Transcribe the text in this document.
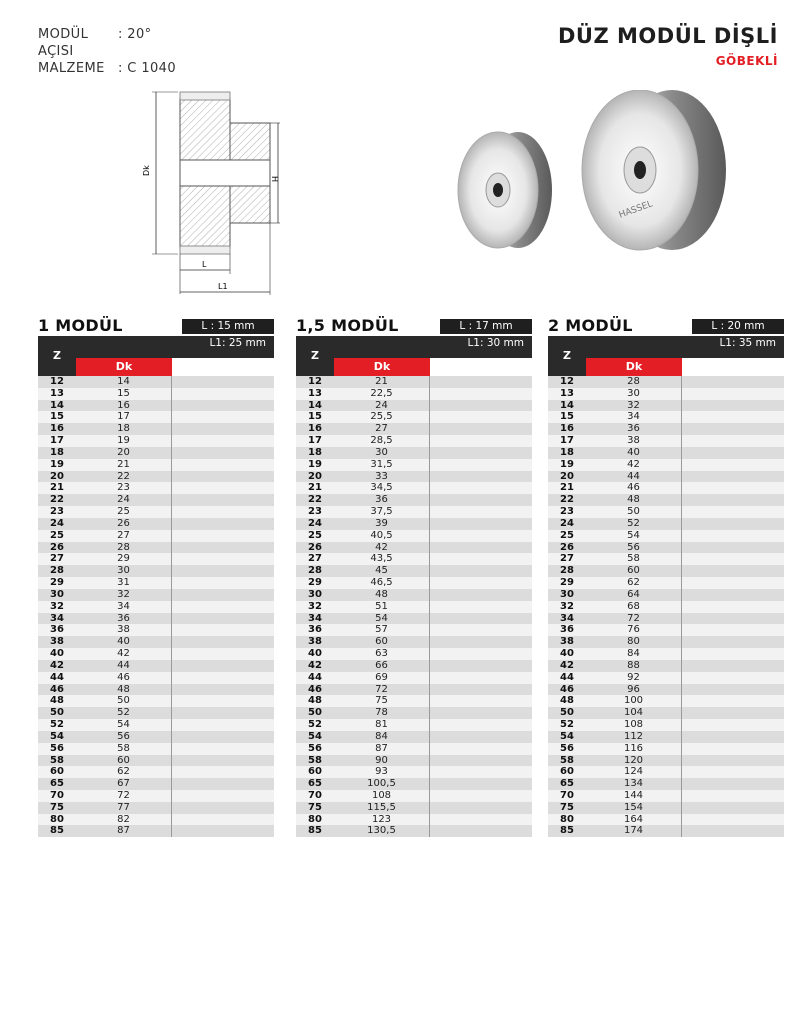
MODÜL AÇISI
: 20°
MALZEME	: C 1040
DÜZ MODÜL DİŞLİ
GÖBEKLİ
Dk
H
L
L1
HASSEL
1 MODÜL	L : 15 mm
Z
L1: 25 mm
Dk
12	14
13	15
14	16
15	17
16	18
17	19
18	20
19	21
20	22
21	23
22	24
23	25
24	26
25	27
26	28
27	29
28	30
29	31
30	32
32	34
34	36
36	38
38	40
40	42
42	44
44	46
46	48
48	50
50	52
52	54
54	56
56	58
58	60
60	62
65	67
70	72
75	77
80	82
85	87
1,5 MODÜL	L : 17 mm
Z
L1: 30 mm
Dk
12	21
13	22,5
14	24
15	25,5
16	27
17	28,5
18	30
19	31,5
20	33
21	34,5
22	36
23	37,5
24	39
25	40,5
26	42
27	43,5
28	45
29	46,5
30	48
32	51
34	54
36	57
38	60
40	63
42	66
44	69
46	72
48	75
50	78
52	81
54	84
56	87
58	90
60	93
65	100,5
70	108
75	115,5
80	123
85	130,5
2 MODÜL	L : 20 mm
Z
L1: 35 mm
Dk
12	28
13	30
14	32
15	34
16	36
17	38
18	40
19	42
20	44
21	46
22	48
23	50
24	52
25	54
26	56
27	58
28	60
29	62
30	64
32	68
34	72
36	76
38	80
40	84
42	88
44	92
46	96
48	100
50	104
52	108
54	112
56	116
58	120
60	124
65	134
70	144
75	154
80	164
85	174
